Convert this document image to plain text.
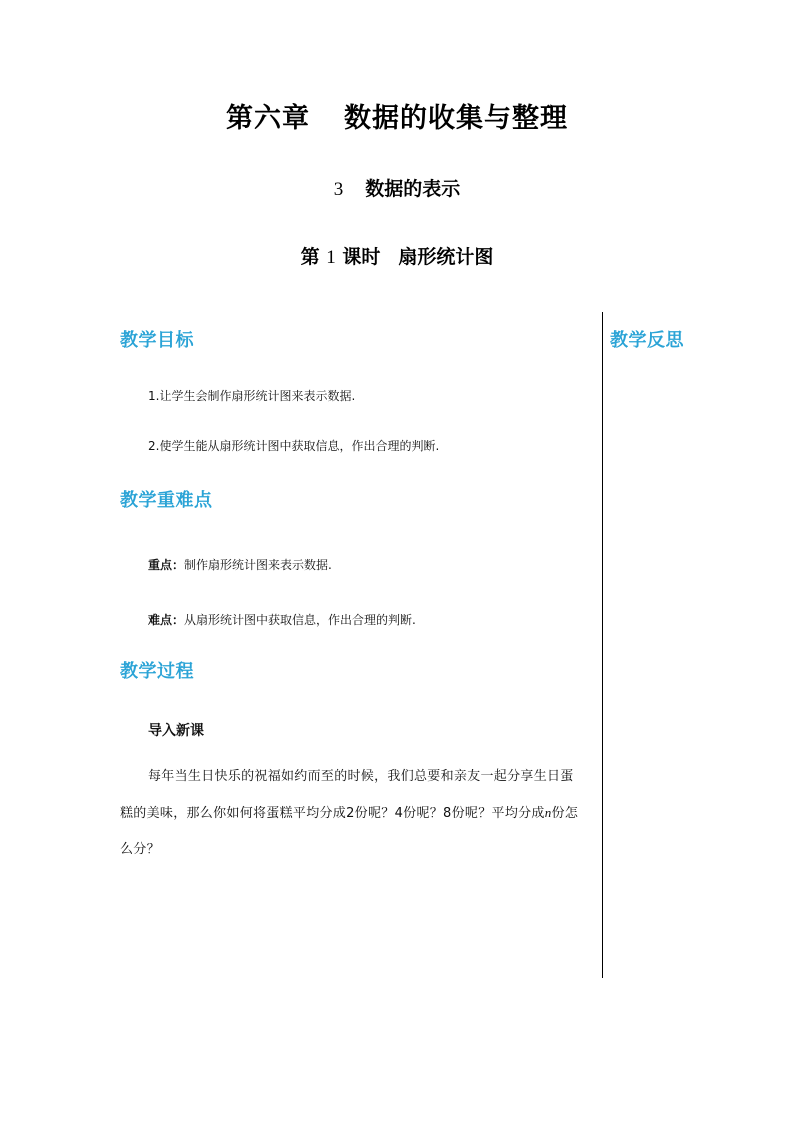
第六章 数据的收集与整理
3 数据的表示
第 1 课时 扇形统计图
教学目标	教学反思
1.让学生会制作扇形统计图来表示数据.
2.使学生能从扇形统计图中获取信息，作出合理的判断.
教学重难点
重点：制作扇形统计图来表示数据.
难点：从扇形统计图中获取信息，作出合理的判断.
教学过程
导入新课
每年当生日快乐的祝福如约而至的时候，我们总要和亲友一起分享生日蛋
糕的美味，那么你如何将蛋糕平均分成2份呢？4份呢？8份呢？平均分成n份怎
么分？
